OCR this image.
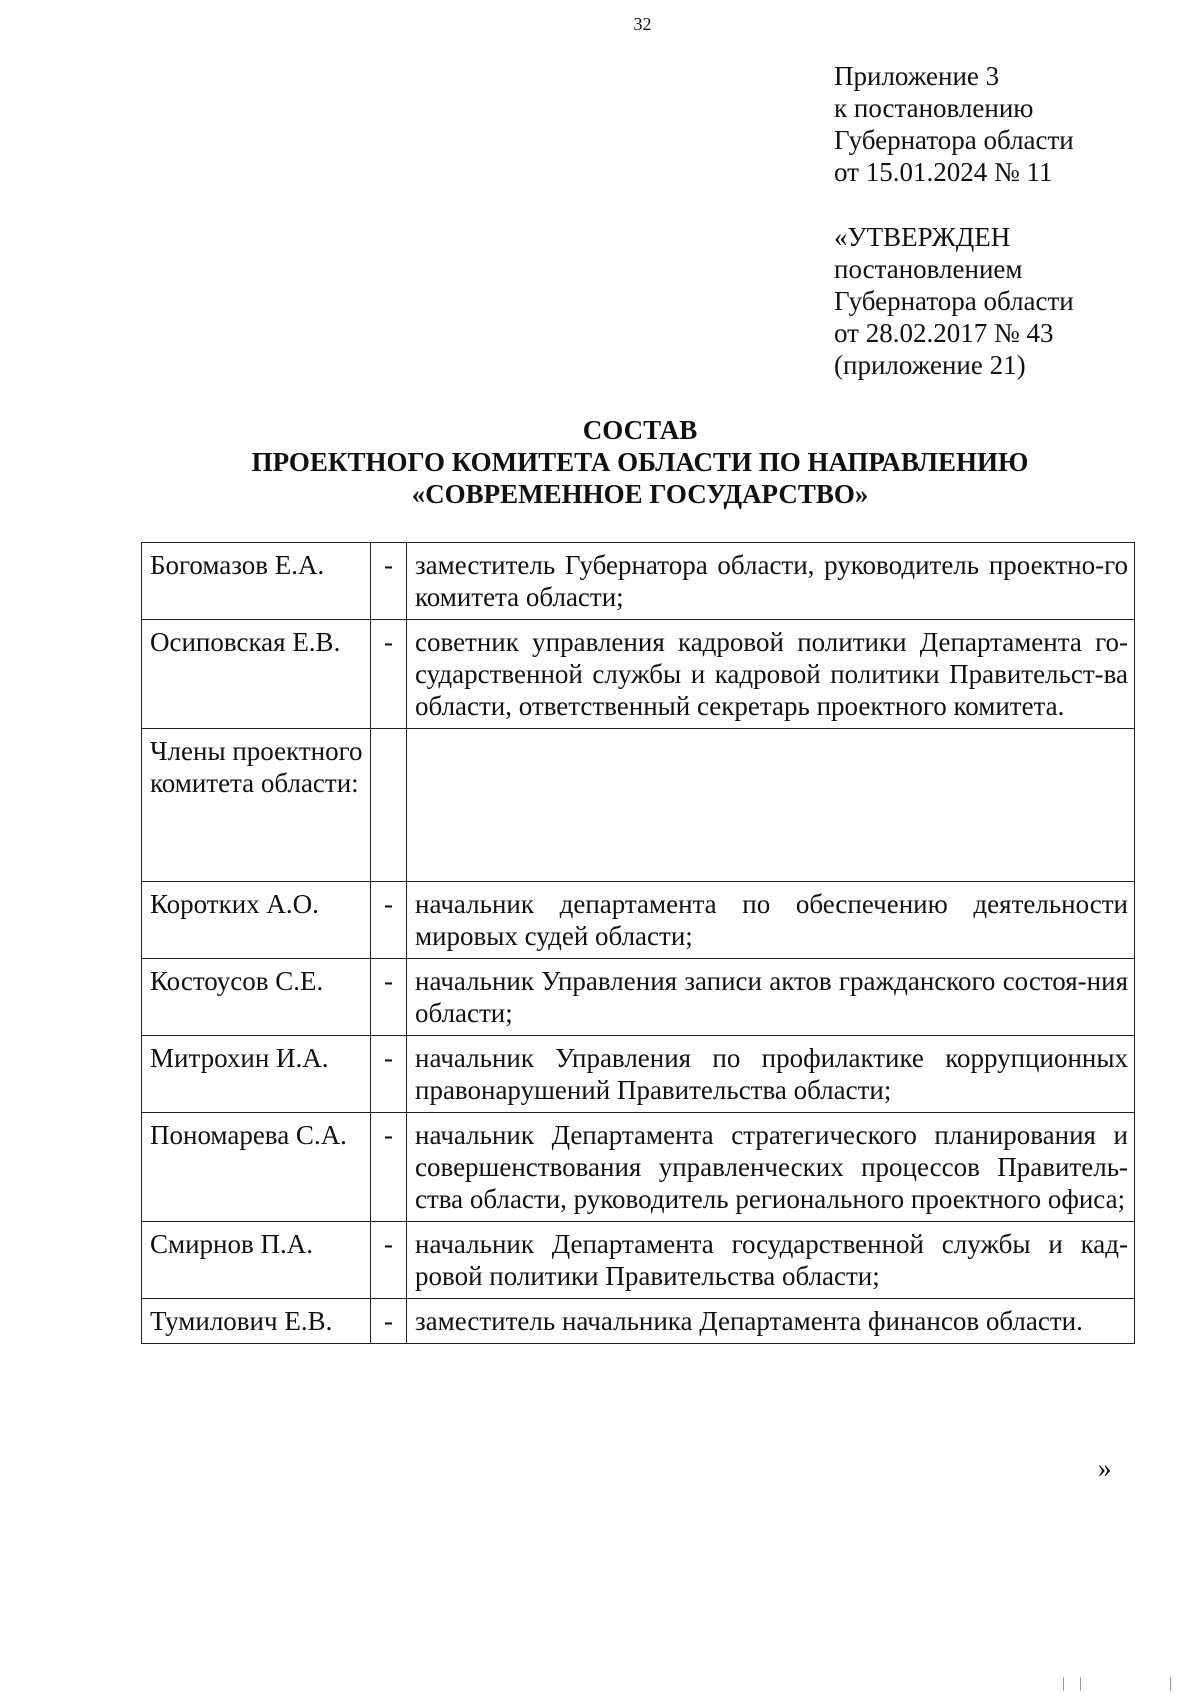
32
Приложение 3
к постановлению
Губернатора области
от 15.01.2024 № 11
«УТВЕРЖДЕН
постановлением
Губернатора области
от 28.02.2017 № 43
(приложение 21)
СОСТАВ
ПРОЕКТНОГО КОМИТЕТА ОБЛАСТИ ПО НАПРАВЛЕНИЮ
«СОВРЕМЕННОЕ ГОСУДАРСТВО»
Богомазов Е.А.	-	заместитель Губернатора области, руководитель проектно-го комитета области;
Осиповская Е.В.	-	советник управления кадровой политики Департамента го-сударственной службы и кадровой политики Правительст-ва области, ответственный секретарь проектного комитета.
Члены проектного комитета области:		
Коротких А.О.	-	начальник департамента по обеспечению деятельности мировых судей области;
Костоусов С.Е.	-	начальник Управления записи актов гражданского состоя-ния области;
Митрохин И.А.	-	начальник Управления по профилактике коррупционных правонарушений Правительства области;
Пономарева С.А.	-	начальник Департамента стратегического планирования и совершенствования управленческих процессов Правитель-ства области, руководитель регионального проектного офиса;
Смирнов П.А.	-	начальник Департамента государственной службы и кад-ровой политики Правительства области;
Тумилович Е.В.	-	заместитель начальника Департамента финансов области.
»
